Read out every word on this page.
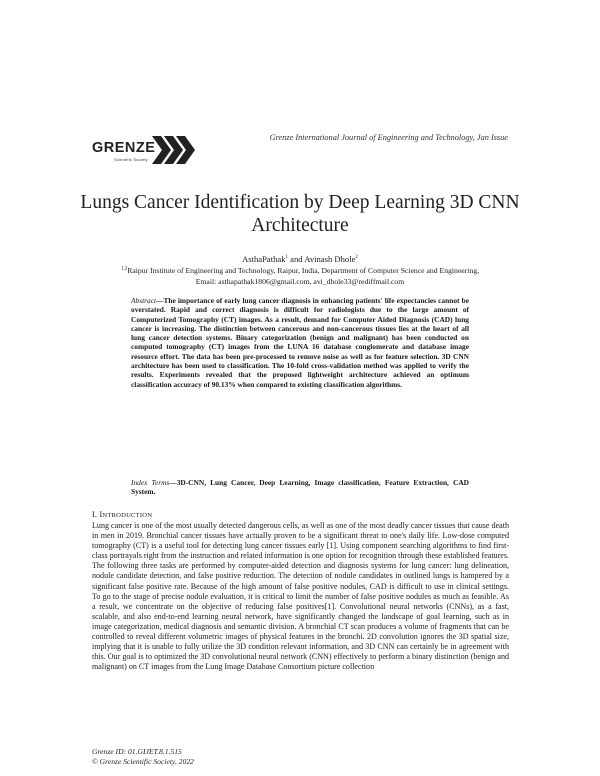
GRENZE
Scientific Society
Grenze International Journal of Engineering and Technology, Jan Issue
Lungs Cancer Identification by Deep Learning 3D CNN Architecture
AsthaPathak$^1$ and Avinash Dhole$^2$
$^{1,2}$Raipur Institute of Engineering and Technology, Raipur, India, Department of Computer Science and Engineering,
Email: asthapathak1806@gmail.com, avi_dhole33@rediffmail.com
Abstract—The importance of early lung cancer diagnosis in enhancing patients' life expectancies cannot be overstated. Rapid and correct diagnosis is difficult for radiologists due to the large amount of Computerized Tomography (CT) images. As a result, demand for Computer Aided Diagnosis (CAD) lung cancer is increasing. The distinction between cancerous and non-cancerous tissues lies at the heart of all lung cancer detection systems. Binary categorization (benign and malignant) has been conducted on computed tomography (CT) images from the LUNA 16 database conglomerate and database image resource effort. The data has been pre-processed to remove noise as well as for feature selection. 3D CNN architecture has been used to classification. The 10-fold cross-validation method was applied to verify the results. Experiments revealed that the proposed lightweight architecture achieved an optimum classification accuracy of 90.13% when compared to existing classification algorithms.
Index Terms—3D-CNN, Lung Cancer, Deep Learning, Image classification, Feature Extraction, CAD System.
I. INTRODUCTION

Lung cancer is one of the most usually detected dangerous cells, as well as one of the most deadly cancer tissues that cause death in men in 2019. Bronchial cancer tissues have actually proven to be a significant threat to one's daily life. Low-dose computed tomography (CT) is a useful tool for detecting lung cancer tissues early [1]. Using component searching algorithms to find first-class portrayals right from the instruction and related information is one option for recognition through these established features. The following three tasks are performed by computer-aided detection and diagnosis systems for lung cancer: lung delineation, nodule candidate detection, and false positive reduction. The detection of nodule candidates in outlined lungs is hampered by a significant false positive rate. Because of the high amount of false positive nodules, CAD is difficult to use in clinical settings. To go to the stage of precise nodule evaluation, it is critical to limit the number of false positive nodules as much as feasible. As a result, we concentrate on the objective of reducing false positives[1]. Convolutional neural networks (CNNs), as a fast, scalable, and also end-to-end learning neural network, have significantly changed the landscape of goal learning, such as in image categorization, medical diagnosis and semantic division. A bronchial CT scan produces a volume of fragments that can be controlled to reveal different volumetric images of physical features in the bronchi. 2D convolution ignores the 3D spatial size, implying that it is unable to fully utilize the 3D condition relevant information, and 3D CNN can certainly be in agreement with this. Our goal is to optimized the 3D convolutional neural network (CNN) effectively to perform a binary distinction (benign and malignant) on CT images from the Lung Image Database Consortium picture collection

Grenze ID: 01.GIJET.8.1.515
© Grenze Scientific Society, 2022
